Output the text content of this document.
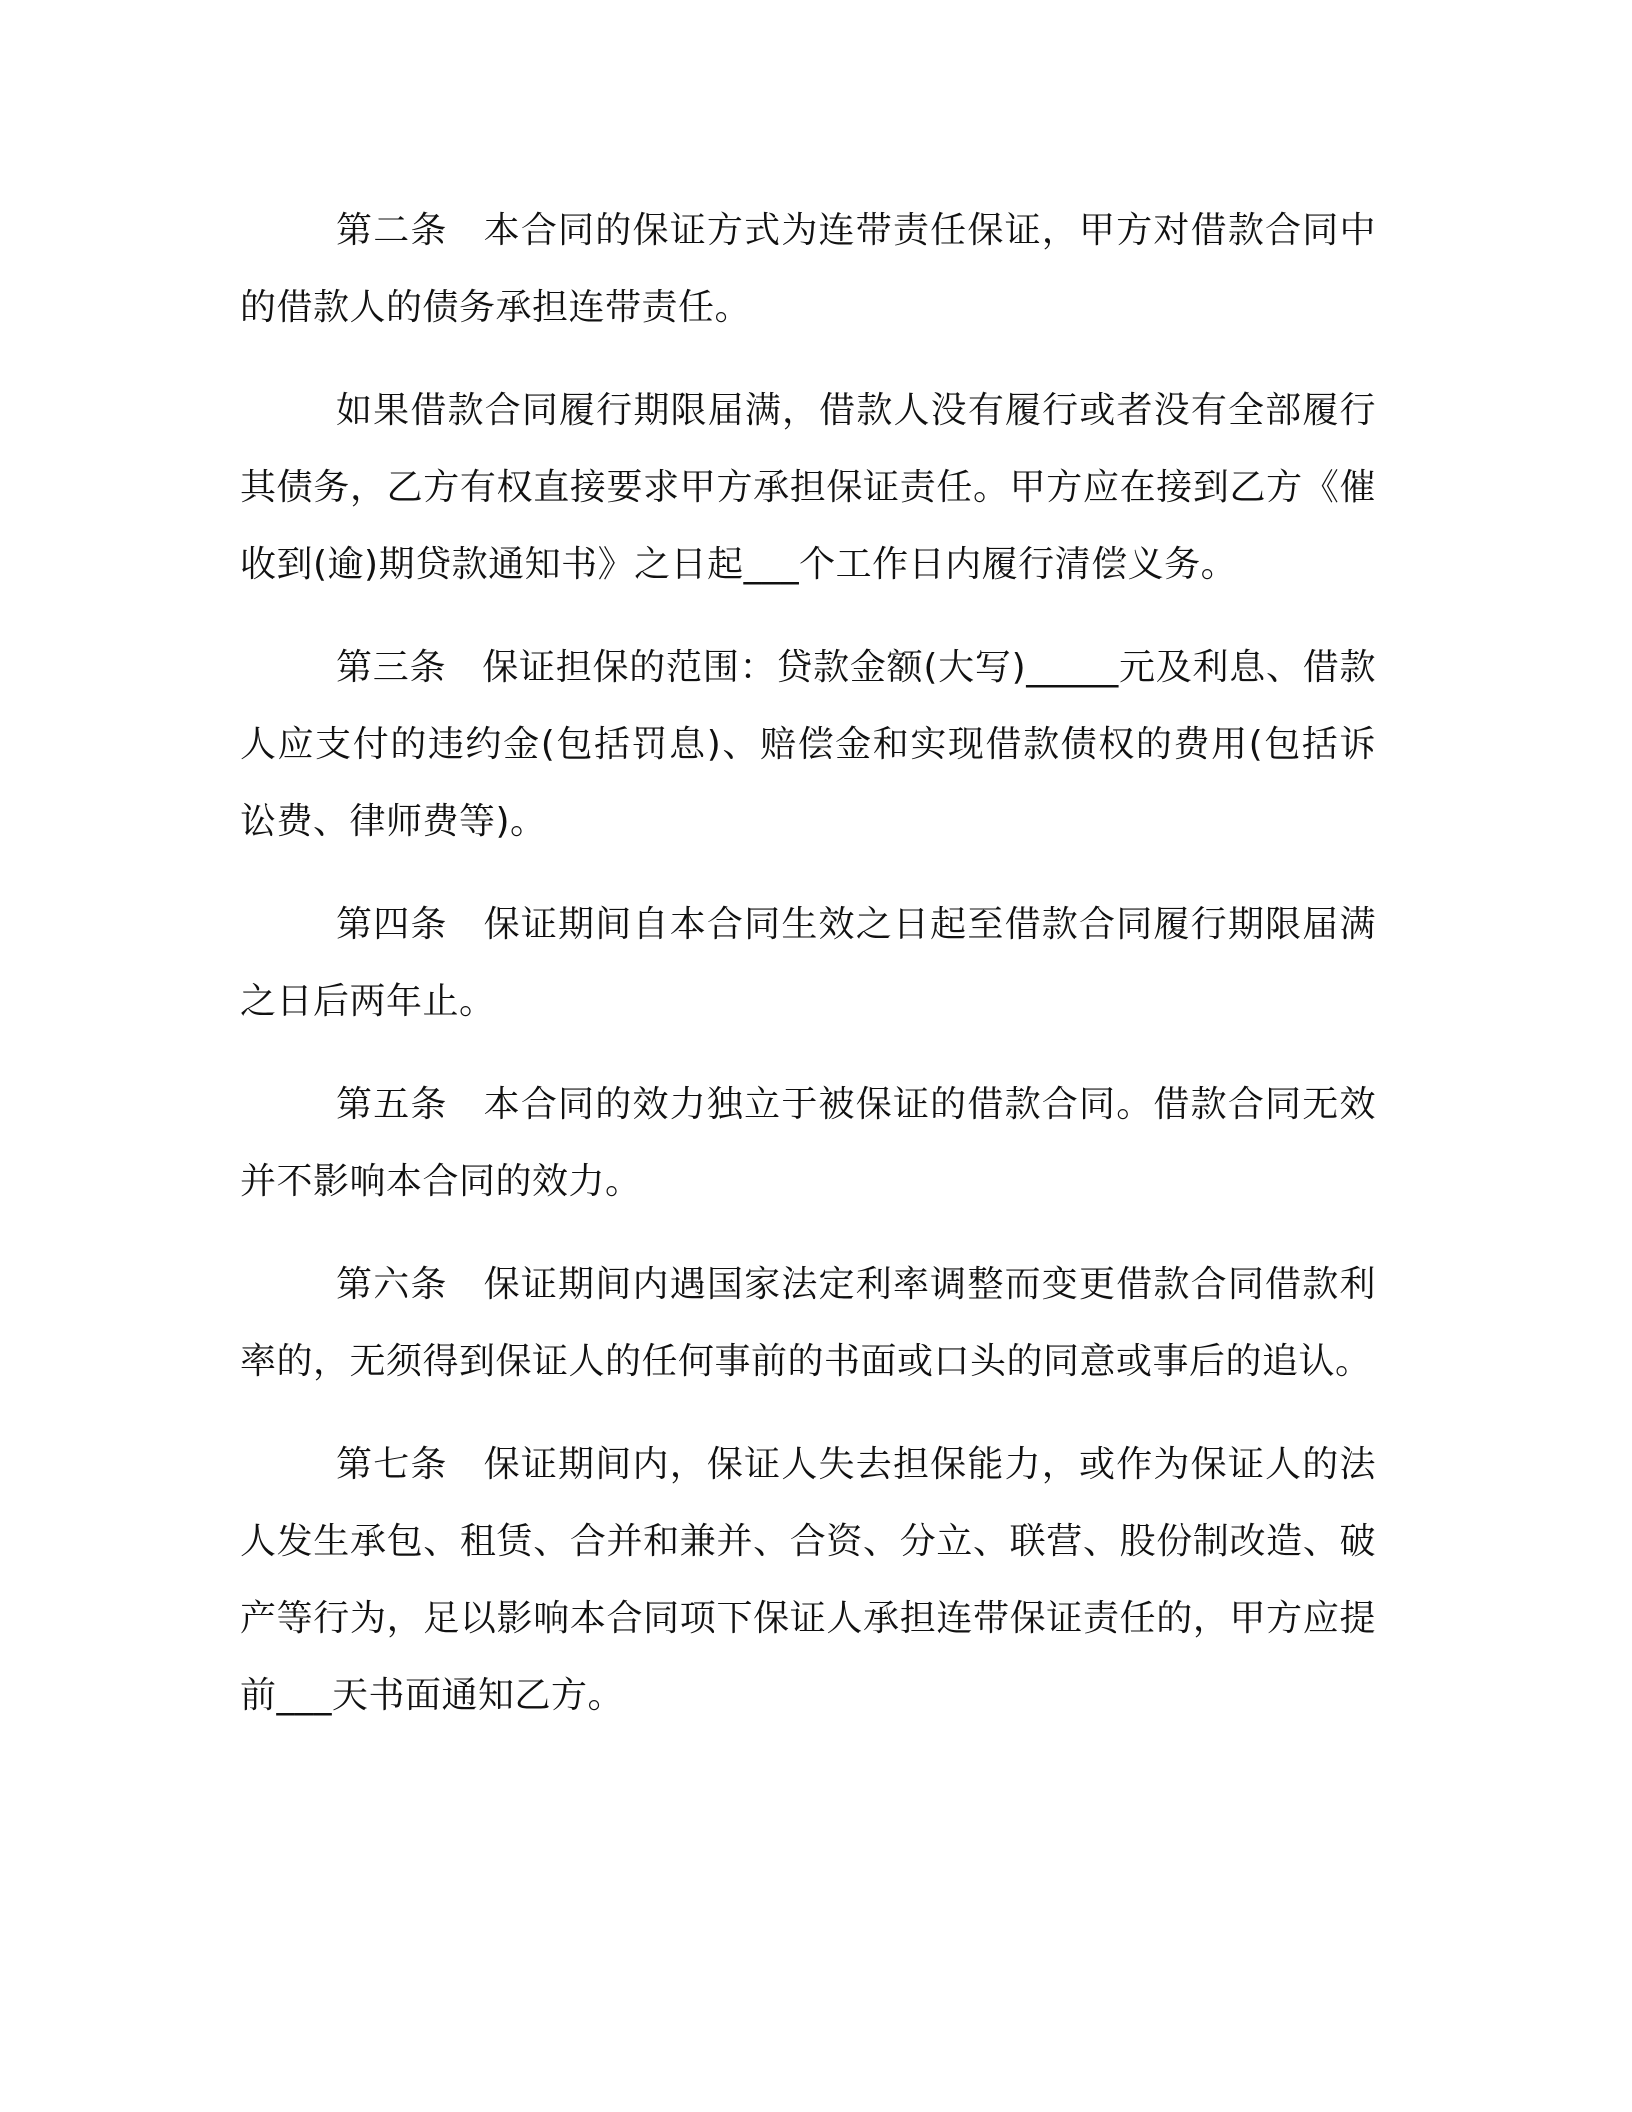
第二条 本合同的保证方式为连带责任保证，甲方对借款合同中的借款人的债务承担连带责任。

如果借款合同履行期限届满，借款人没有履行或者没有全部履行其债务，乙方有权直接要求甲方承担保证责任。甲方应在接到乙方《催收到(逾)期贷款通知书》之日起___个工作日内履行清偿义务。

第三条 保证担保的范围：贷款金额(大写)_____元及利息、借款人应支付的违约金(包括罚息)、赔偿金和实现借款债权的费用(包括诉讼费、律师费等)。

第四条 保证期间自本合同生效之日起至借款合同履行期限届满之日后两年止。

第五条 本合同的效力独立于被保证的借款合同。借款合同无效并不影响本合同的效力。

第六条 保证期间内遇国家法定利率调整而变更借款合同借款利率的，无须得到保证人的任何事前的书面或口头的同意或事后的追认。

第七条 保证期间内，保证人失去担保能力，或作为保证人的法人发生承包、租赁、合并和兼并、合资、分立、联营、股份制改造、破产等行为，足以影响本合同项下保证人承担连带保证责任的，甲方应提前___天书面通知乙方。
